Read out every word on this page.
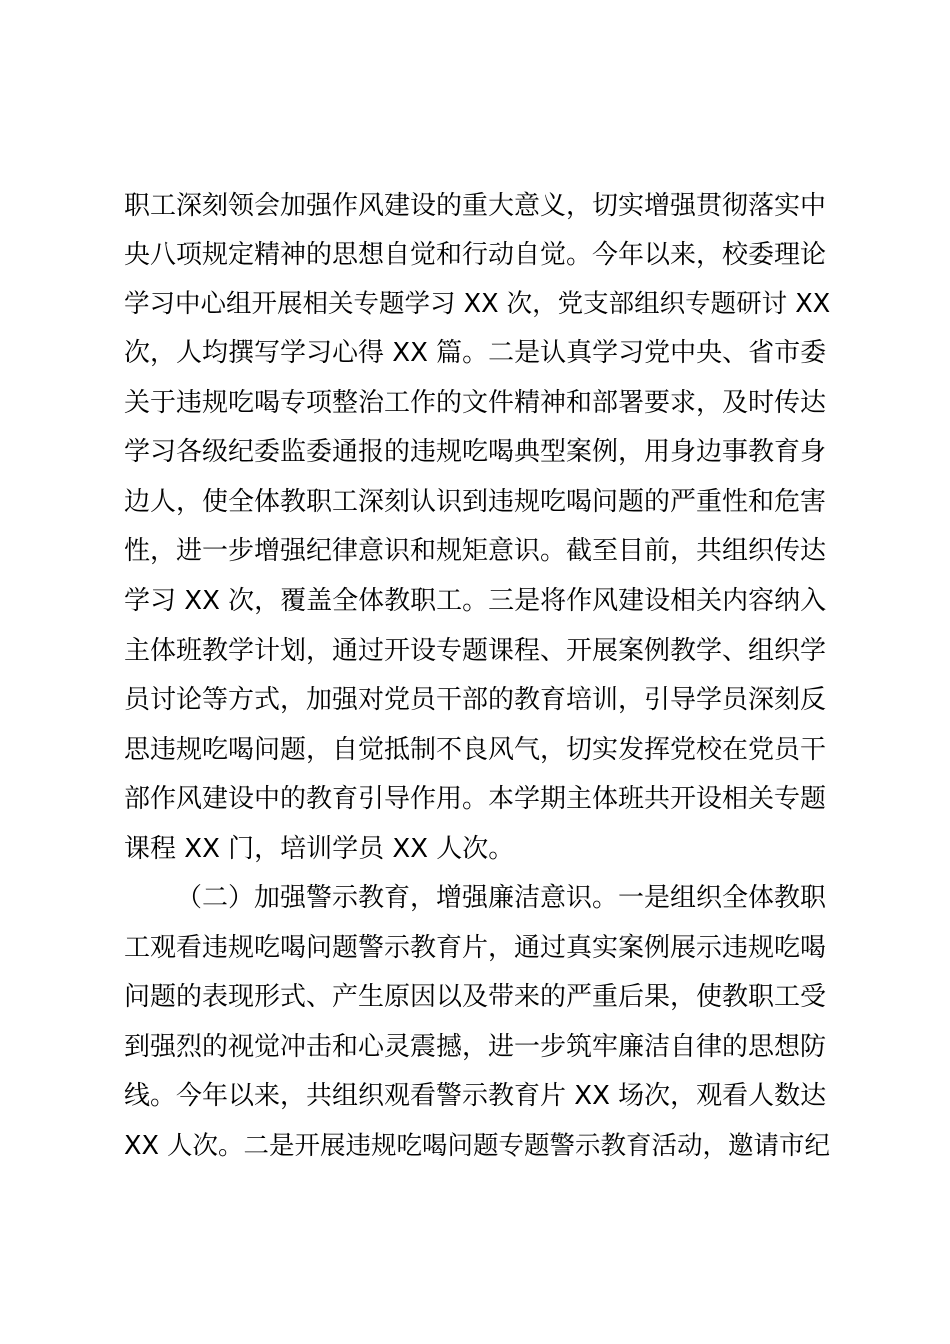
职工深刻领会加强作风建设的重大意义，切实增强贯彻落实中
央八项规定精神的思想自觉和行动自觉。今年以来，校委理论
学习中心组开展相关专题学习 XX 次，党支部组织专题研讨 XX
次，人均撰写学习心得 XX 篇。二是认真学习党中央、省市委
关于违规吃喝专项整治工作的文件精神和部署要求，及时传达
学习各级纪委监委通报的违规吃喝典型案例，用身边事教育身
边人，使全体教职工深刻认识到违规吃喝问题的严重性和危害
性，进一步增强纪律意识和规矩意识。截至目前，共组织传达
学习 XX 次，覆盖全体教职工。三是将作风建设相关内容纳入
主体班教学计划，通过开设专题课程、开展案例教学、组织学
员讨论等方式，加强对党员干部的教育培训，引导学员深刻反
思违规吃喝问题，自觉抵制不良风气，切实发挥党校在党员干
部作风建设中的教育引导作用。本学期主体班共开设相关专题
课程 XX 门，培训学员 XX 人次。
（二）加强警示教育，增强廉洁意识。一是组织全体教职
工观看违规吃喝问题警示教育片，通过真实案例展示违规吃喝
问题的表现形式、产生原因以及带来的严重后果，使教职工受
到强烈的视觉冲击和心灵震撼，进一步筑牢廉洁自律的思想防
线。今年以来，共组织观看警示教育片 XX 场次，观看人数达
XX 人次。二是开展违规吃喝问题专题警示教育活动，邀请市纪
